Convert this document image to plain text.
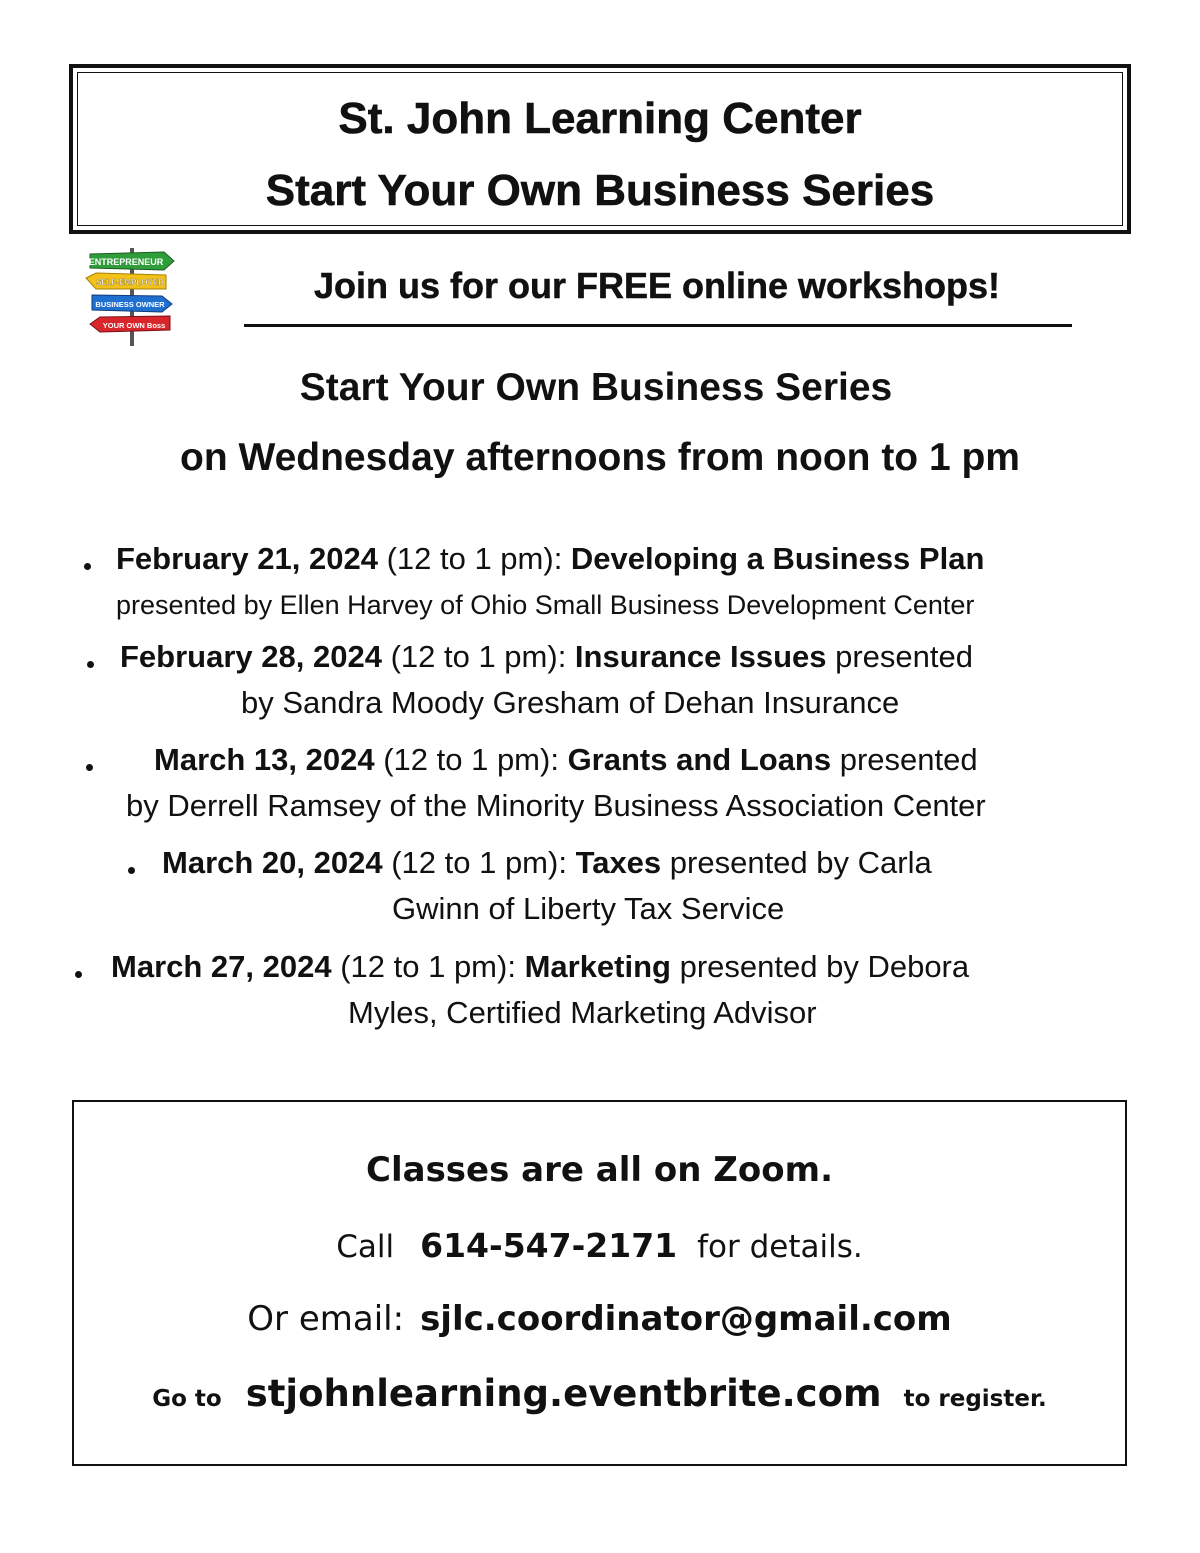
St. John Learning Center
Start Your Own Business Series
ENTREPRENEUR
SELF-EMPLOYED
BUSINESS OWNER
YOUR OWN Boss
Join us for our FREE online workshops!
Start Your Own Business Series
on Wednesday afternoons from noon to 1 pm
February 21, 2024 (12 to 1 pm): Developing a Business Plan
presented by Ellen Harvey of Ohio Small Business Development Center
February 28, 2024 (12 to 1 pm): Insurance Issues presented
by Sandra Moody Gresham of Dehan Insurance
March 13, 2024 (12 to 1 pm): Grants and Loans presented
by Derrell Ramsey of the Minority Business Association Center
March 20, 2024 (12 to 1 pm): Taxes presented by Carla
Gwinn of Liberty Tax Service
March 27, 2024 (12 to 1 pm): Marketing presented by Debora
Myles, Certified Marketing Advisor
Classes are all on Zoom.
Call 614-547-2171 for details.
Or email: sjlc.coordinator@gmail.com
Go to stjohnlearning.eventbrite.com to register.
